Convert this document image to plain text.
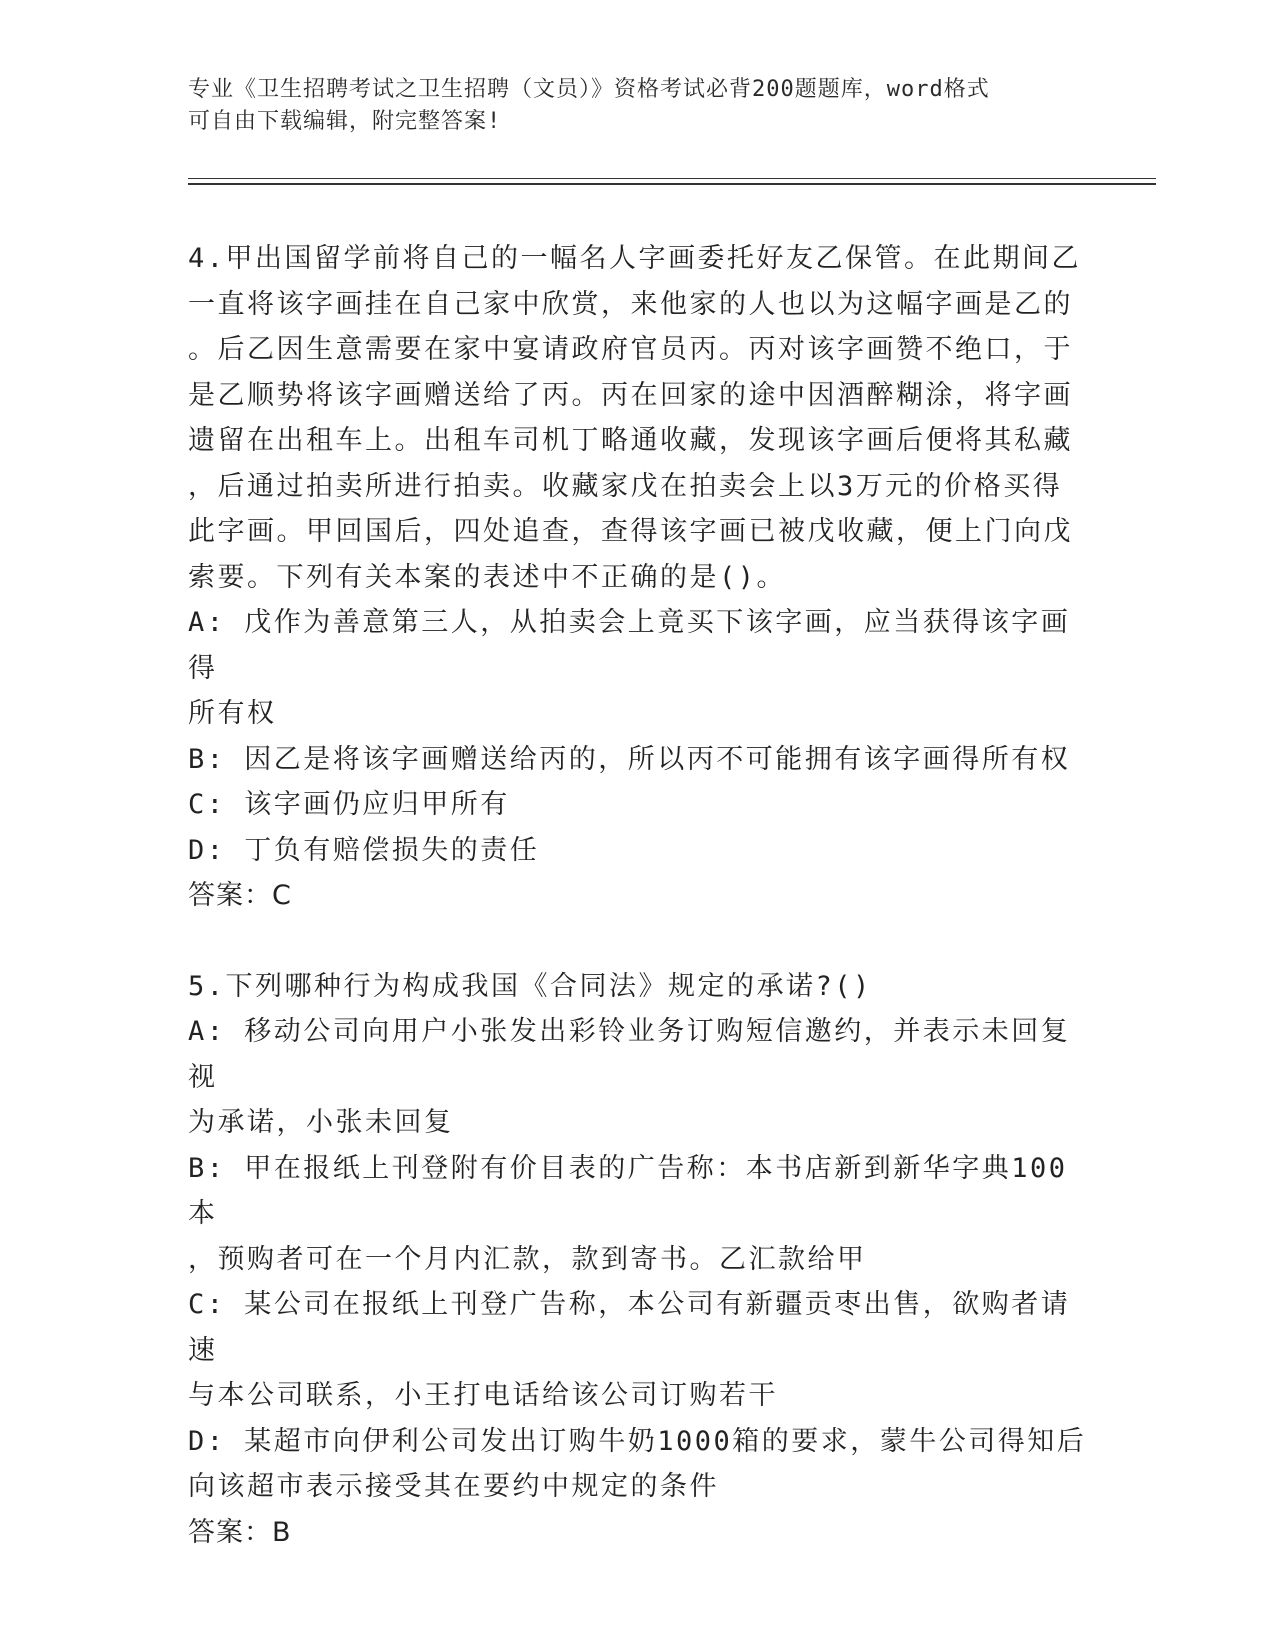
专业《卫生招聘考试之卫生招聘（文员）》资格考试必背200题题库，word格式
可自由下载编辑，附完整答案!

4.甲出国留学前将自己的一幅名人字画委托好友乙保管。在此期间乙

一直将该字画挂在自己家中欣赏，来他家的人也以为这幅字画是乙的

。后乙因生意需要在家中宴请政府官员丙。丙对该字画赞不绝口，于

是乙顺势将该字画赠送给了丙。丙在回家的途中因酒醉糊涂，将字画

遗留在出租车上。出租车司机丁略通收藏，发现该字画后便将其私藏

，后通过拍卖所进行拍卖。收藏家戊在拍卖会上以3万元的价格买得

此字画。甲回国后，四处追查，查得该字画已被戊收藏，便上门向戊

索要。下列有关本案的表述中不正确的是()。

A: 戊作为善意第三人，从拍卖会上竟买下该字画，应当获得该字画得

所有权

B: 因乙是将该字画赠送给丙的，所以丙不可能拥有该字画得所有权

C: 该字画仍应归甲所有

D: 丁负有赔偿损失的责任

答案：C

5.下列哪种行为构成我国《合同法》规定的承诺?()

A: 移动公司向用户小张发出彩铃业务订购短信邀约，并表示未回复视

为承诺，小张未回复

B: 甲在报纸上刊登附有价目表的广告称：本书店新到新华字典100本

，预购者可在一个月内汇款，款到寄书。乙汇款给甲

C: 某公司在报纸上刊登广告称，本公司有新疆贡枣出售，欲购者请速

与本公司联系，小王打电话给该公司订购若干

D: 某超市向伊利公司发出订购牛奶1000箱的要求，蒙牛公司得知后

向该超市表示接受其在要约中规定的条件

答案：B
